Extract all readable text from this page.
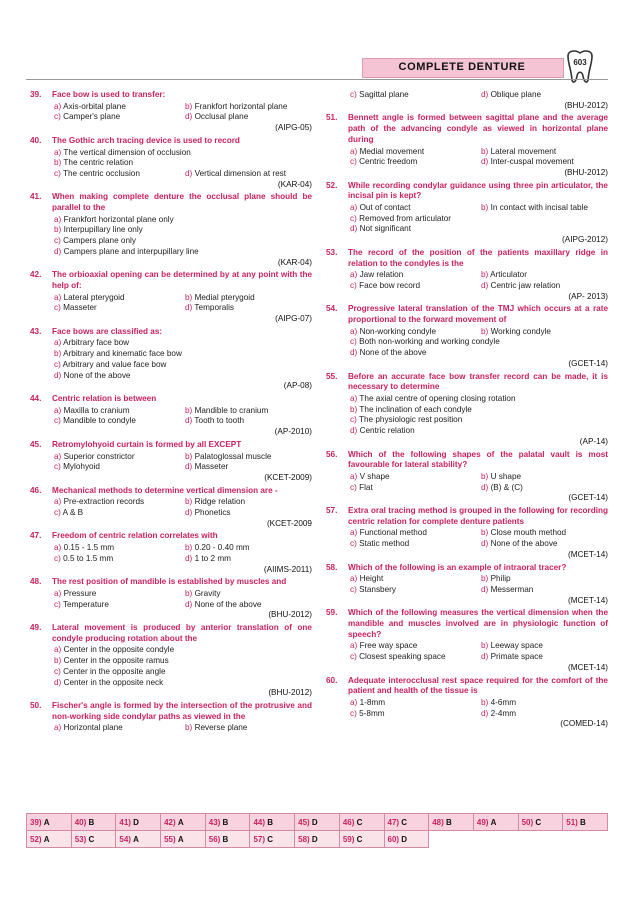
COMPLETE DENTURE	603
39.	Face bow is used to transfer:
a) Axis-orbital plane	b) Frankfort horizontal plane
c) Camper's plane	d) Occlusal plane
(AIPG-05)
40.	The Gothic arch tracing device is used to record
a) The vertical dimension of occlusion
b) The centric relation
c) The centric occlusion	d) Vertical dimension at rest
(KAR-04)
41.	When making complete denture the occlusal plane should be parallel to the
a) Frankfort horizontal plane only
b) Interpupillary line only
c) Campers plane only
d) Campers plane and interpupillary line
(KAR-04)
42.	The orbioaxial opening can be determined by at any point with the help of:
a) Lateral pterygoid	b) Medial pterygoid
c) Masseter	d) Temporalis
(AIPG-07)
43.	Face bows are classified as:
a) Arbitrary face bow
b) Arbitrary and kinematic face bow
c) Arbitrary and value face bow
d) None of the above
(AP-08)
44.	Centric relation is between
a) Maxilla to cranium	b) Mandible to cranium
c) Mandible to condyle	d) Tooth to tooth
(AP-2010)
45.	Retromylohyoid curtain is formed by all EXCEPT
a) Superior constrictor	b) Palatoglossal muscle
c) Mylohyoid	d) Masseter
(KCET-2009)
46.	Mechanical methods to determine vertical dimension are -
a) Pre-extraction records	b) Ridge relation
c) A & B	d) Phonetics
(KCET-2009
47.	Freedom of centric relation correlates with
a) 0.15 - 1.5 mm	b) 0.20 - 0.40 mm
c) 0.5 to 1.5 mm	d) 1 to 2 mm
(AIIMS-2011)
48.	The rest position of mandible is established by muscles and
a) Pressure	b) Gravity
c) Temperature	d) None of the above
(BHU-2012)
49.	Lateral movement is produced by anterior translation of one condyle producing rotation about the
a) Center in the opposite condyle
b) Center in the opposite ramus
c) Center in the opposite angle
d) Center in the opposite neck
(BHU-2012)
50.	Fischer's angle is formed by the intersection of the protrusive and non-working side condylar paths as viewed in the
a) Horizontal plane	b) Reverse plane
c) Sagittal plane	d) Oblique plane
(BHU-2012)
51.	Bennett angle is formed between sagittal plane and the average path of the advancing condyle as viewed in horizontal plane during
a) Medial movement	b) Lateral movement
c) Centric freedom	d) Inter-cuspal movement
(BHU-2012)
52.	While recording condylar guidance using three pin articulator, the incisal pin is kept?
a) Out of contact	b) In contact with incisal table
c) Removed from articulator
d) Not significant
(AIPG-2012)
53.	The record of the position of the patients maxillary ridge in relation to the condyles is the
a) Jaw relation	b) Articulator
c) Face bow record	d) Centric jaw relation
(AP- 2013)
54.	Progressive lateral translation of the TMJ which occurs at a rate proportional to the forward movement of
a) Non-working condyle	b) Working condyle
c) Both non-working and working condyle
d) None of the above
(GCET-14)
55.	Before an accurate face bow transfer record can be made, it is necessary to determine
a) The axial centre of opening closing rotation
b) The inclination of each condyle
c) The physiologic rest position
d) Centric relation
(AP-14)
56.	Which of the following shapes of the palatal vault is most favourable for lateral stability?
a) V shape	b) U shape
c) Flat	d) (B) & (C)
(GCET-14)
57.	Extra oral tracing method is grouped in the following for recording centric relation for complete denture patients
a) Functional method	b) Close mouth method
c) Static method	d) None of the above
(MCET-14)
58.	Which of the following is an example of intraoral tracer?
a) Height	b) Philip
c) Stansbery	d) Messerman
(MCET-14)
59.	Which of the following measures the vertical dimension when the mandible and muscles involved are in physiologic function of speech?
a) Free way space	b) Leeway space
c) Closest speaking space	d) Primate space
(MCET-14)
60.	Adequate interocclusal rest space required for the comfort of the patient and health of the tissue is
a) 1-8mm	b) 4-6mm
c) 5-8mm	d) 2-4mm
(COMED-14)
39) A	40) B	41) D	42) A	43) B	44) B	45) D	46) C	47) C	48) B	49) A	50) C	51) B
52) A	53) C	54) A	55) A	56) B	57) C	58) D	59) C	60) D				
